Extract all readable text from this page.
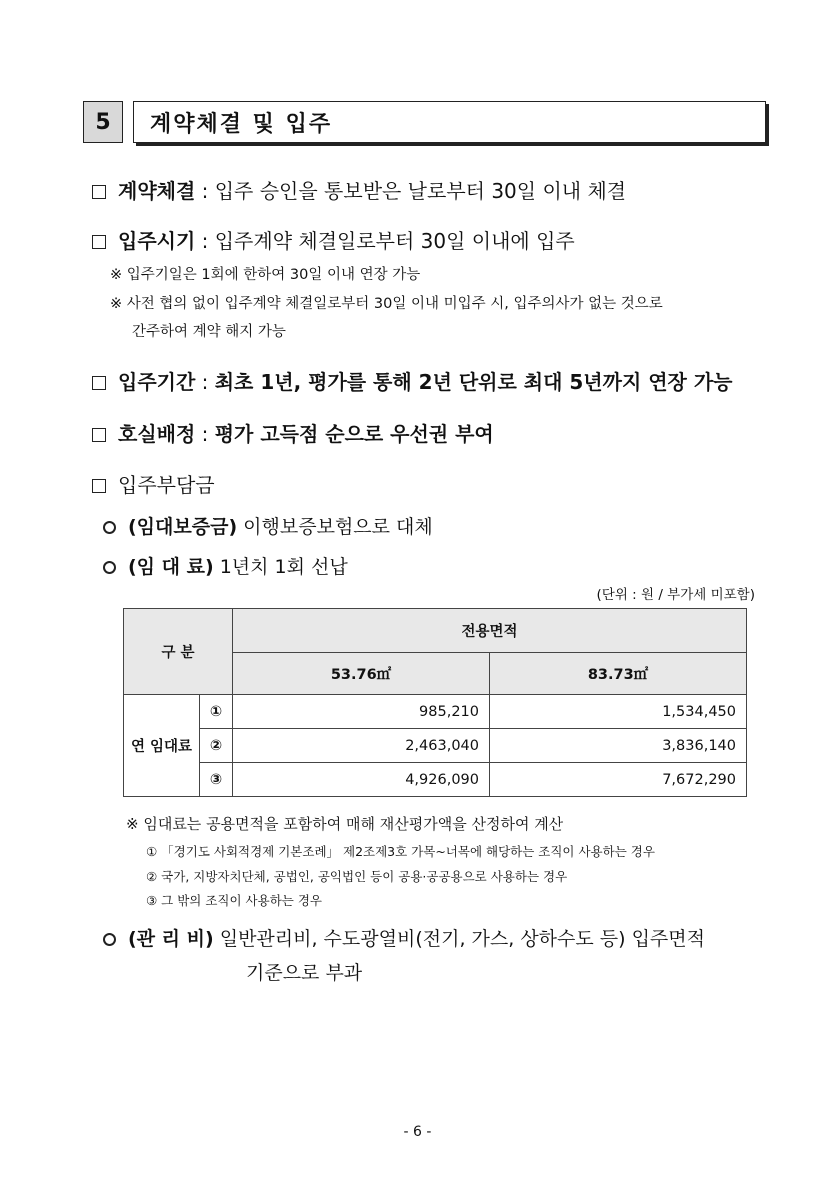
5	계약체결 및 입주
계약체결 : 입주 승인을 통보받은 날로부터 30일 이내 체결
입주시기 : 입주계약 체결일로부터 30일 이내에 입주
※ 입주기일은 1회에 한하여 30일 이내 연장 가능
※ 사전 협의 없이 입주계약 체결일로부터 30일 이내 미입주 시, 입주의사가 없는 것으로
간주하여 계약 해지 가능
입주기간 : 최초 1년, 평가를 통해 2년 단위로 최대 5년까지 연장 가능
호실배정 : 평가 고득점 순으로 우선권 부여
입주부담금
(임대보증금) 이행보증보험으로 대체
(임 대 료) 1년치 1회 선납
(단위 : 원 / 부가세 미포함)
구 분		전용면적	
		53.76㎡	83.73㎡
연 임대료	①	985,210	1,534,450
	②	2,463,040	3,836,140
	③	4,926,090	7,672,290
※ 임대료는 공용면적을 포함하여 매해 재산평가액을 산정하여 계산
① 「경기도 사회적경제 기본조례」 제2조제3호 가목~너목에 해당하는 조직이 사용하는 경우
② 국가, 지방자치단체, 공법인, 공익법인 등이 공용·공공용으로 사용하는 경우
③ 그 밖의 조직이 사용하는 경우
(관 리 비) 일반관리비, 수도광열비(전기, 가스, 상하수도 등) 입주면적
기준으로 부과
- 6 -
